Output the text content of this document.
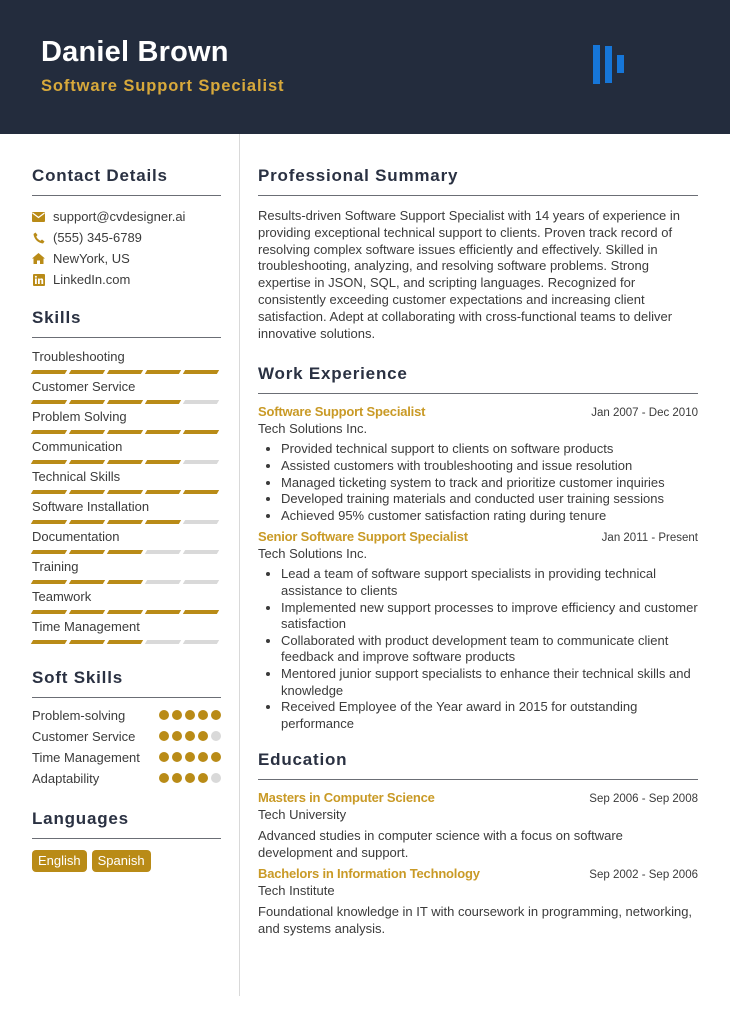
Daniel Brown
Software Support Specialist
Contact Details
support@cvdesigner.ai
(555) 345-6789
NewYork, US
LinkedIn.com
Skills
Troubleshooting
Customer Service
Problem Solving
Communication
Technical Skills
Software Installation
Documentation
Training
Teamwork
Time Management
Soft Skills
Problem-solving
Customer Service
Time Management
Adaptability
Languages
English	Spanish
Professional Summary

Results-driven Software Support Specialist with 14 years of experience in providing exceptional technical support to clients. Proven track record of resolving complex software issues efficiently and effectively. Skilled in troubleshooting, analyzing, and resolving software problems. Strong expertise in JSON, SQL, and scripting languages. Recognized for consistently exceeding customer expectations and increasing client satisfaction. Adept at collaborating with cross-functional teams to deliver innovative solutions.

Work Experience
Software Support Specialist	Jan 2007 - Dec 2010
Tech Solutions Inc.
• Provided technical support to clients on software products
• Assisted customers with troubleshooting and issue resolution
• Managed ticketing system to track and prioritize customer inquiries
• Developed training materials and conducted user training sessions
• Achieved 95% customer satisfaction rating during tenure
Senior Software Support Specialist	Jan 2011 - Present
Tech Solutions Inc.
• Lead a team of software support specialists in providing technical assistance to clients
• Implemented new support processes to improve efficiency and customer satisfaction
• Collaborated with product development team to communicate client feedback and improve software products
• Mentored junior support specialists to enhance their technical skills and knowledge
• Received Employee of the Year award in 2015 for outstanding performance
Education
Masters in Computer Science	Sep 2006 - Sep 2008
Tech University

Advanced studies in computer science with a focus on software development and support.

Bachelors in Information Technology	Sep 2002 - Sep 2006
Tech Institute

Foundational knowledge in IT with coursework in programming, networking, and systems analysis.
